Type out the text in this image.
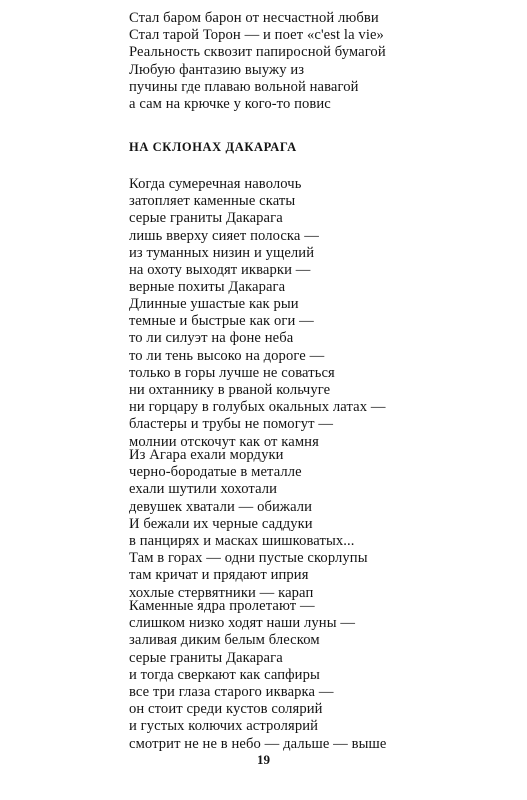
Стал баром барон от несчастной любви
Стал тарой Торон — и поет «c'est la vie»
Реальность сквозит папиросной бумагой
Любую фантазию выужу из
пучины где плаваю вольной навагой
а сам на крючке у кого-то повис
НА СКЛОНАХ ДАКАРАГА
Когда сумеречная наволочь
затопляет каменные скаты
серые граниты Дакарага
лишь вверху сияет полоска —
из туманных низин и ущелий
на охоту выходят икварки —
верные похиты Дакарага
Длинные ушастые как рыи
темные и быстрые как оги —
то ли силуэт на фоне неба
то ли тень высоко на дороге —
только в горы лучше не соваться
ни охтаннику в рваной кольчуге
ни горцару в голубых окальных латах —
бластеры и трубы не помогут —
молнии отскочут как от камня
Из Агара ехали мордуки
черно-бородатые в металле
ехали шутили хохотали
девушек хватали — обижали
И бежали их черные саддуки
в панцирях и масках шишковатых...
Там в горах — одни пустые скорлупы
там кричат и прядают иприя
хохлые стервятники — карап
Каменные ядра пролетают —
слишком низко ходят наши луны —
заливая диким белым блеском
серые граниты Дакарага
и тогда сверкают как сапфиры
все три глаза старого икварка —
он стоит среди кустов солярий
и густых колючих астролярий
смотрит не не в небо — дальше — выше
19
